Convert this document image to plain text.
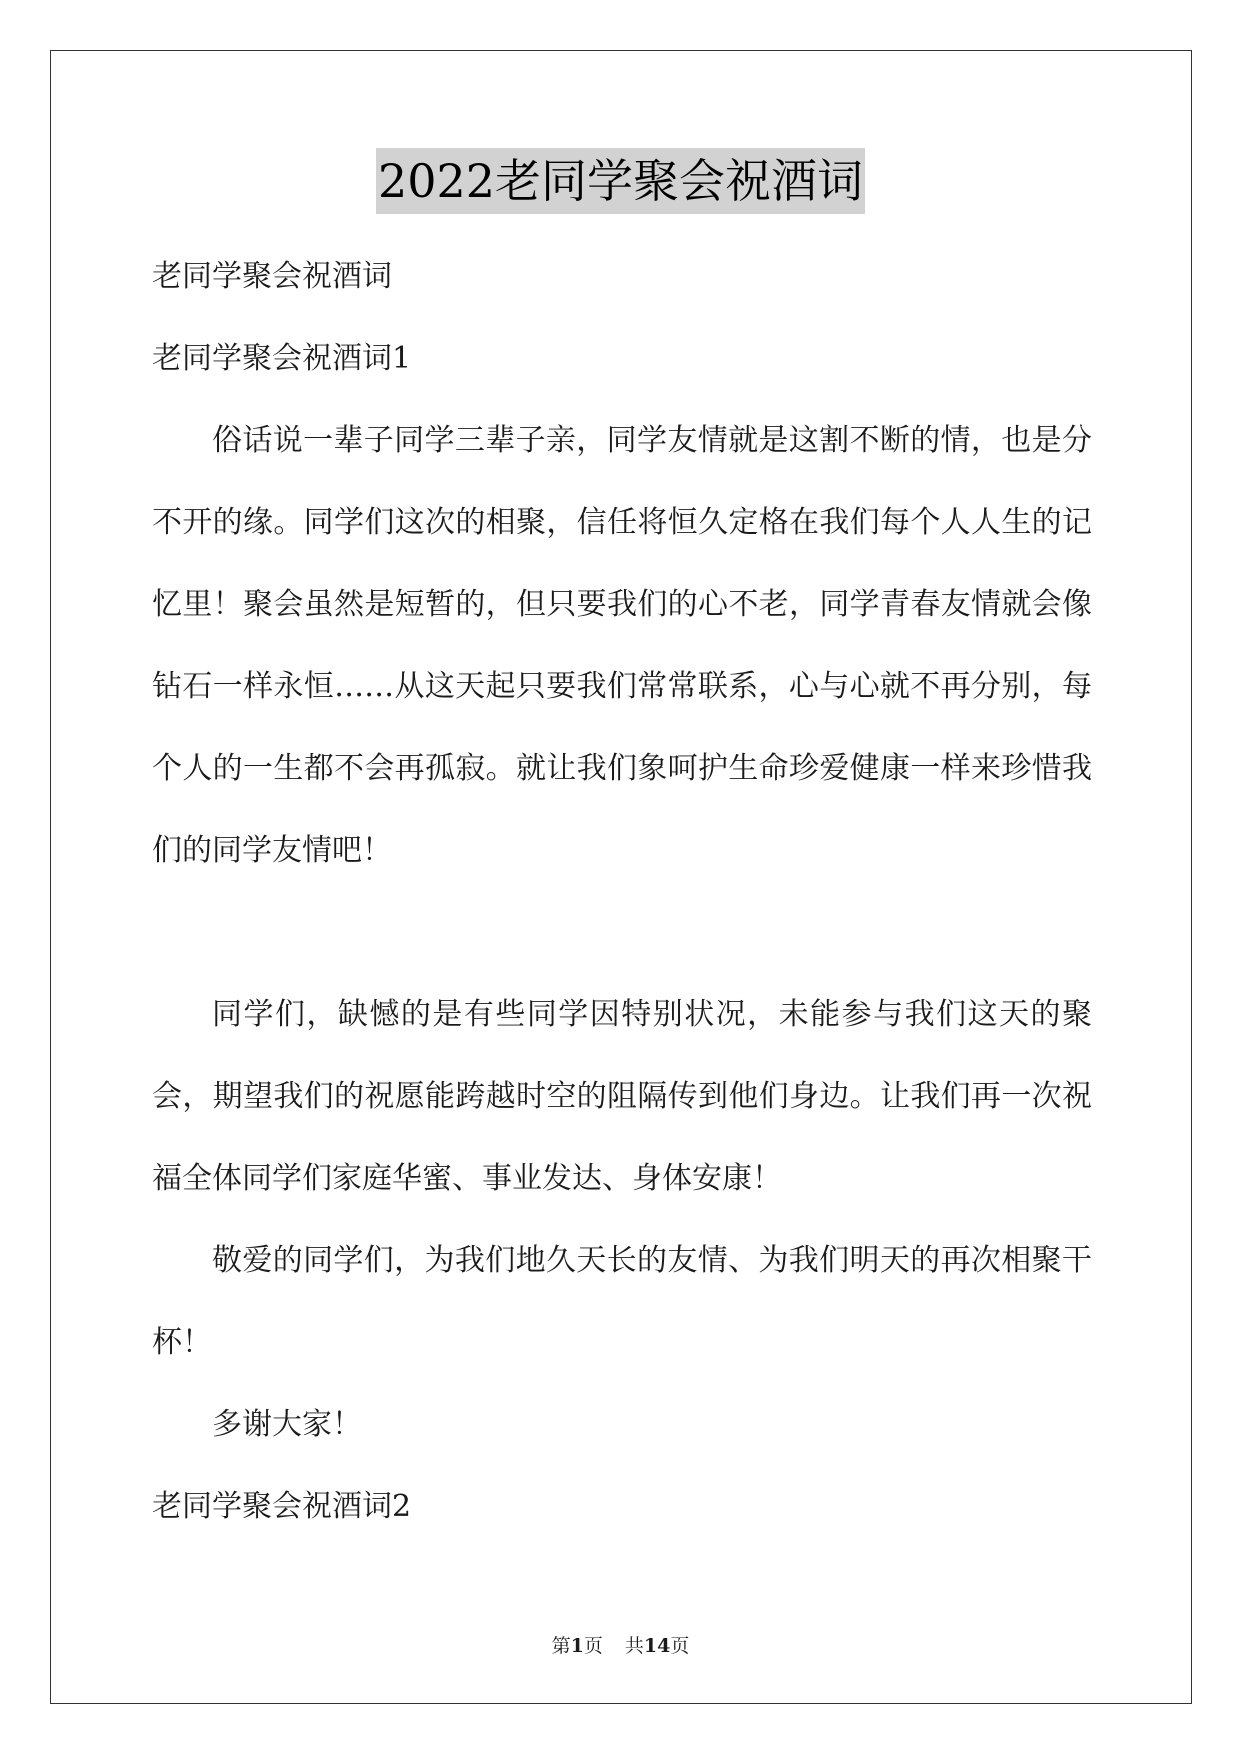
2022老同学聚会祝酒词
老同学聚会祝酒词
老同学聚会祝酒词1

俗话说一辈子同学三辈子亲，同学友情就是这割不断的情，也是分不开的缘。同学们这次的相聚，信任将恒久定格在我们每个人人生的记忆里！聚会虽然是短暂的，但只要我们的心不老，同学青春友情就会像钻石一样永恒……从这天起只要我们常常联系，心与心就不再分别，每个人的一生都不会再孤寂。就让我们象呵护生命珍爱健康一样来珍惜我们的同学友情吧！

同学们，缺憾的是有些同学因特别状况，未能参与我们这天的聚会，期望我们的祝愿能跨越时空的阻隔传到他们身边。让我们再一次祝福全体同学们家庭华蜜、事业发达、身体安康！

敬爱的同学们，为我们地久天长的友情、为我们明天的再次相聚干杯！

多谢大家！

老同学聚会祝酒词2
第1页 共14页
